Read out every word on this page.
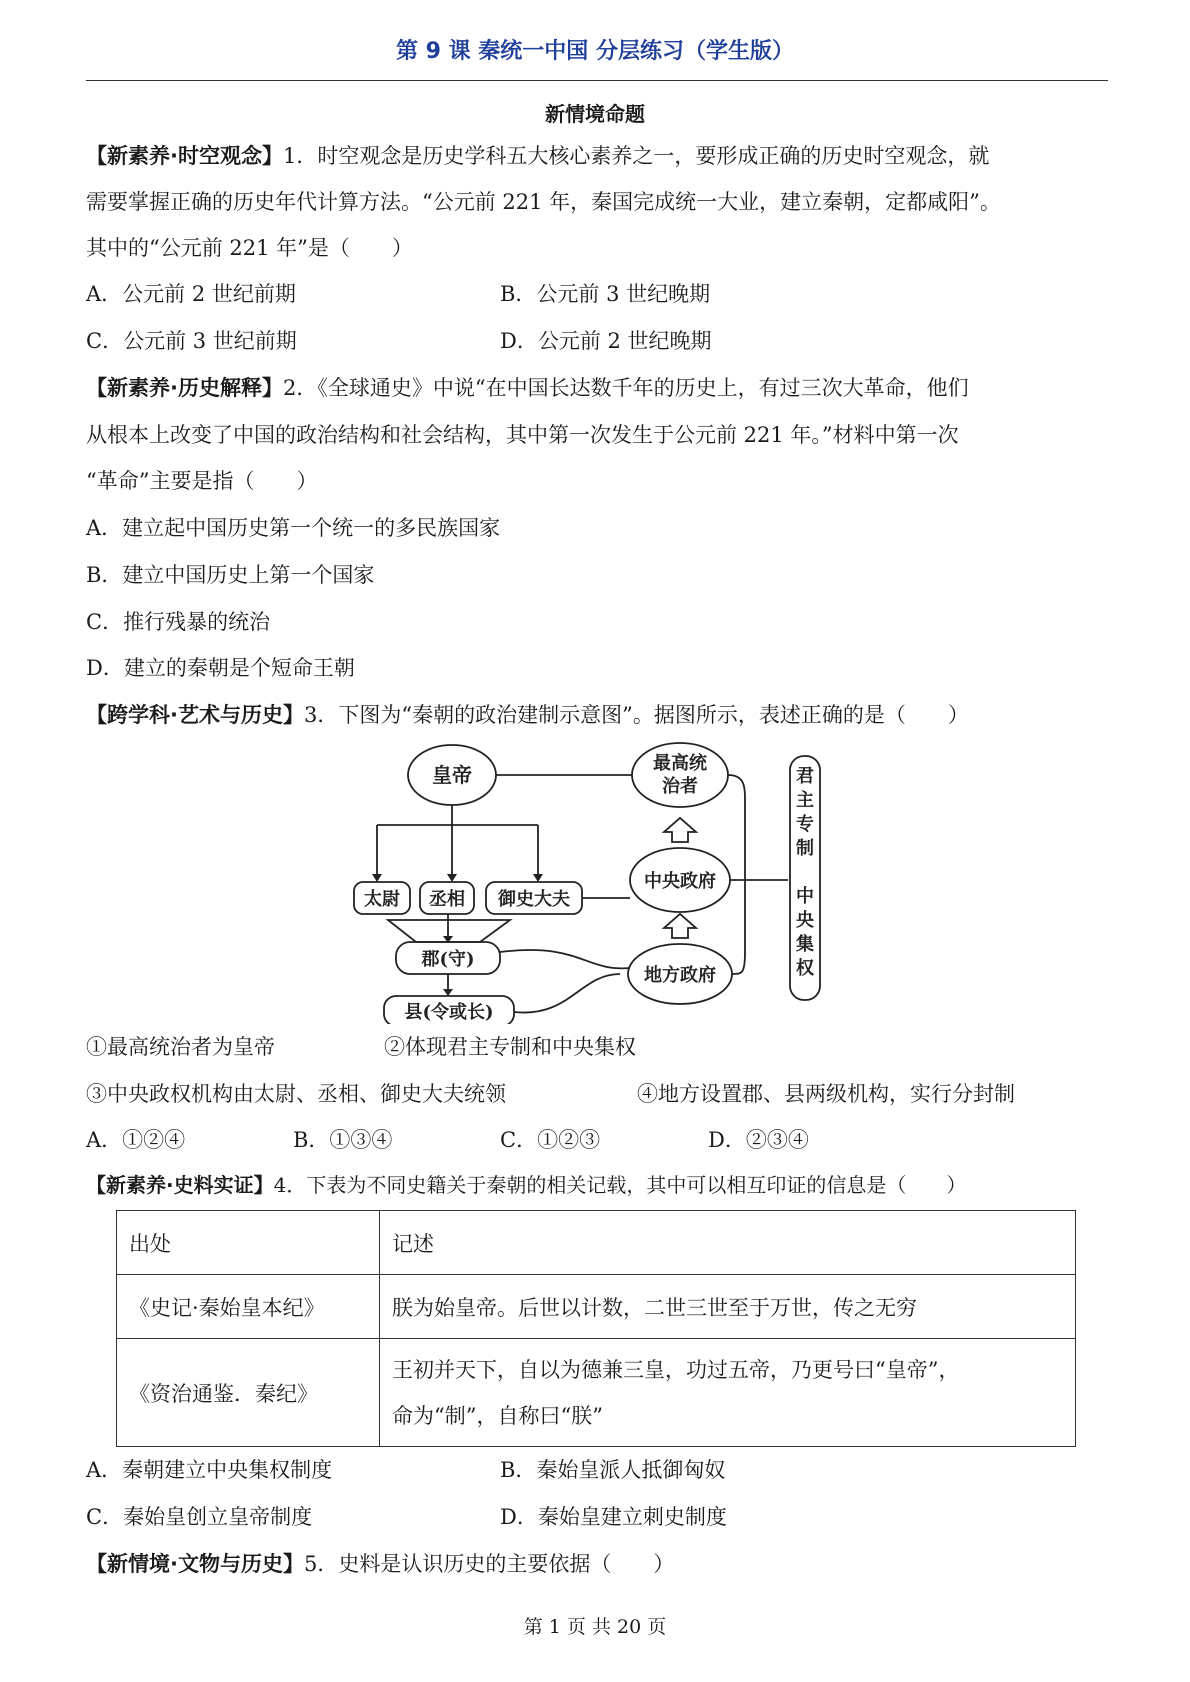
第 9 课 秦统一中国 分层练习（学生版）
新情境命题
【新素养·时空观念】1．时空观念是历史学科五大核心素养之一，要形成正确的历史时空观念，就
需要掌握正确的历史年代计算方法。“公元前 221 年，秦国完成统一大业，建立秦朝，定都咸阳”。
其中的“公元前 221 年”是（　　）
A．公元前 2 世纪前期	B．公元前 3 世纪晚期
C．公元前 3 世纪前期	D．公元前 2 世纪晚期
【新素养·历史解释】2．《全球通史》中说“在中国长达数千年的历史上，有过三次大革命，他们
从根本上改变了中国的政治结构和社会结构，其中第一次发生于公元前 221 年。”材料中第一次
“革命”主要是指（　　）
A．建立起中国历史第一个统一的多民族国家
B．建立中国历史上第一个国家
C．推行残暴的统治
D．建立的秦朝是个短命王朝
【跨学科·艺术与历史】3．下图为“秦朝的政治建制示意图”。据图所示，表述正确的是（　　）
皇帝	最高统
治者
太尉 丞相 御史大夫
中央政府
郡(守)
县(令或长)
地方政府
君
主
专
制
中
央
集
权
①最高统治者为皇帝	②体现君主专制和中央集权
③中央政权机构由太尉、丞相、御史大夫统领	④地方设置郡、县两级机构，实行分封制
A．①②④	B．①③④	C．①②③	D．②③④
【新素养·史料实证】4．下表为不同史籍关于秦朝的相关记载，其中可以相互印证的信息是（　　）
出处	记述
《史记·秦始皇本纪》	朕为始皇帝。后世以计数，二世三世至于万世，传之无穷
《资治通鉴．秦纪》	王初并天下，自以为德兼三皇，功过五帝，乃更号曰“皇帝”，
命为“制”，自称曰“朕”
A．秦朝建立中央集权制度	B．秦始皇派人抵御匈奴
C．秦始皇创立皇帝制度	D．秦始皇建立刺史制度
【新情境·文物与历史】5．史料是认识历史的主要依据（　　）
第 1 页 共 20 页
